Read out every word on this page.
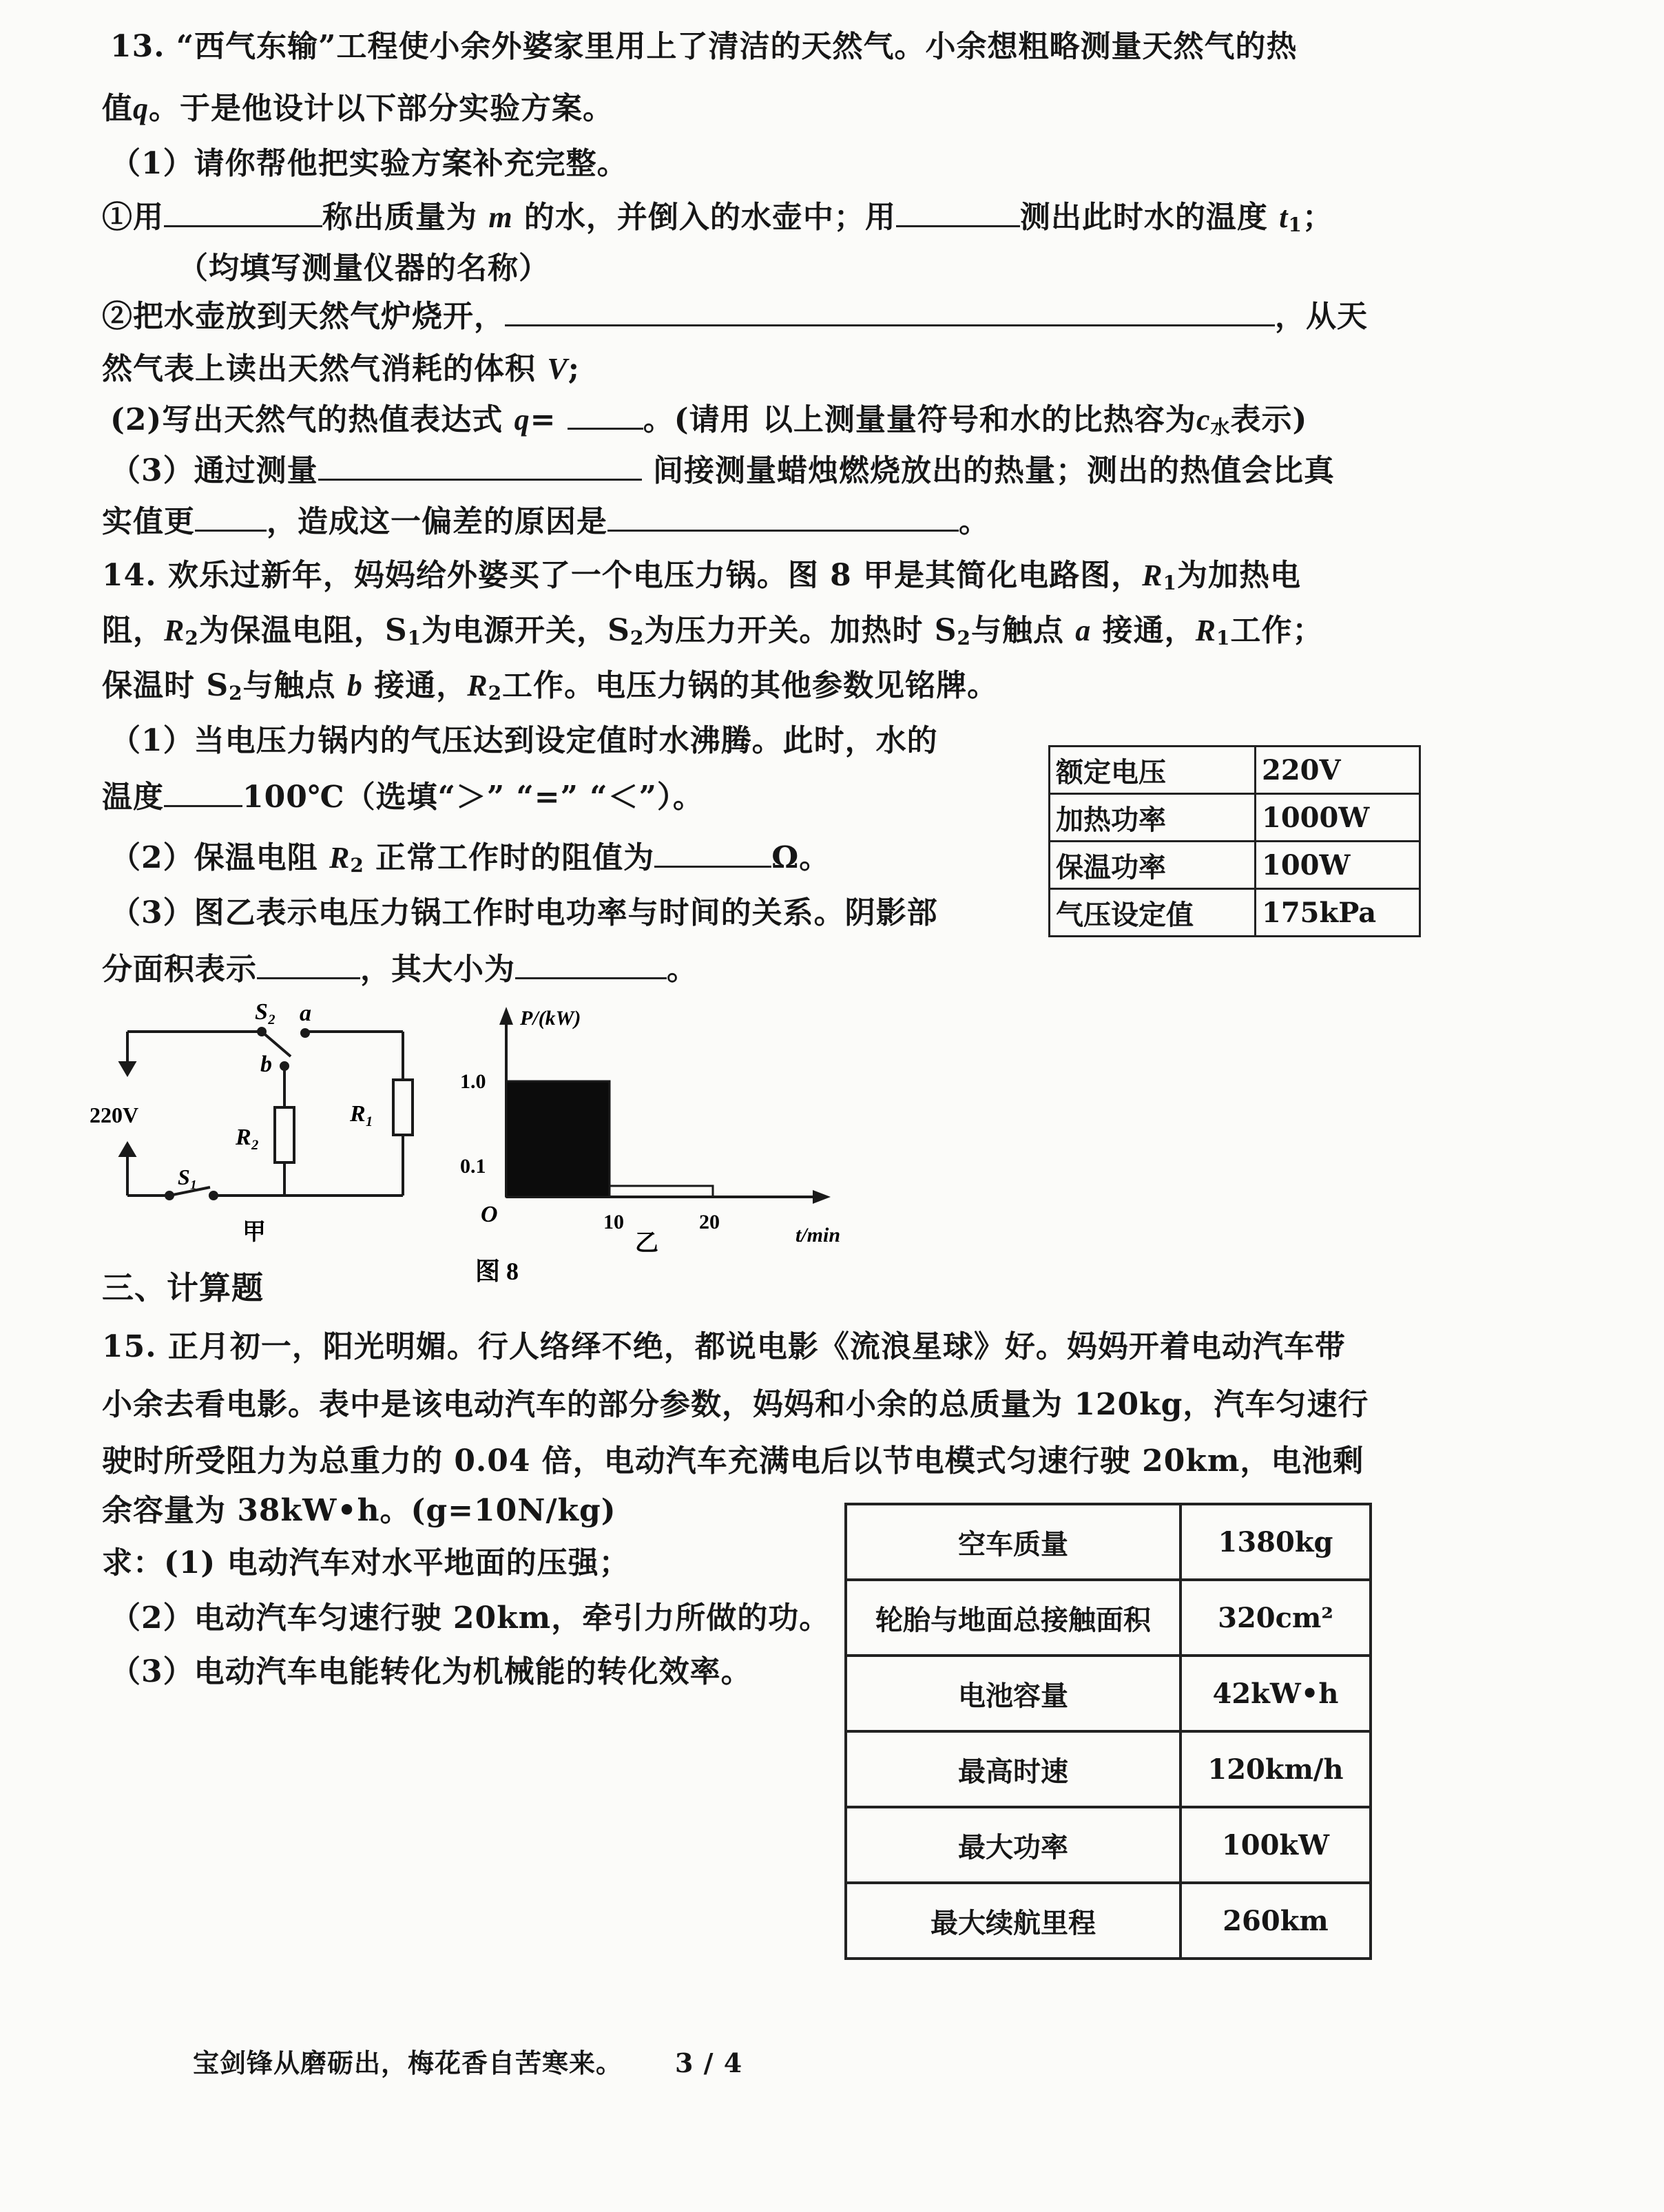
13. “西气东输”工程使小余外婆家里用上了清洁的天然气。小余想粗略测量天然气的热
值q。于是他设计以下部分实验方案。
（1）请你帮他把实验方案补充完整。
①用	称出质量为 m 的水，并倒入的水壶中；用	测出此时水的温度 $t_1$；
（均填写测量仪器的名称）
②把水壶放到天然气炉烧开，	，从天
然气表上读出天然气消耗的体积 V;
(2)写出天然气的热值表达式 q=	。(请用 以上测量量符号和水的比热容为$c_水$表示)
（3）通过测量	间接测量蜡烛燃烧放出的热量；测出的热值会比真
实值更 ，造成这一偏差的原因是	。
14. 欢乐过新年，妈妈给外婆买了一个电压力锅。图 8 甲是其简化电路图，$R_1$为加热电
阻，$R_2$为保温电阻，$S_1$为电源开关，$S_2$为压力开关。加热时 $S_2$与触点 a 接通，$R_1$工作；
保温时 $S_2$与触点 b 接通，$R_2$工作。电压力锅的其他参数见铭牌。
（1）当电压力锅内的气压达到设定值时水沸腾。此时，水的
温度	100℃（选填“＞” “=” “＜”）。
（2）保温电阻 $R_2$ 正常工作时的阻值为	Ω。
（3）图乙表示电压力锅工作时电功率与时间的关系。阴影部
分面积表示	，其大小为	。
额定电压	220V
加热功率	1000W
保温功率	100W
气压设定值	175kPa
S₂ a
b
220V
R₂
R₁
S₁
甲
P/(kW)
t/min
O
1.0
0.1
10	20
乙
图 8
三、计算题
15. 正月初一，阳光明媚。行人络绎不绝，都说电影《流浪星球》好。妈妈开着电动汽车带
小余去看电影。表中是该电动汽车的部分参数，妈妈和小余的总质量为 120kg，汽车匀速行
驶时所受阻力为总重力的 0.04 倍，电动汽车充满电后以节电模式匀速行驶 20km，电池剩
余容量为 38kW•h。(g=10N/kg)
求：(1) 电动汽车对水平地面的压强；
（2）电动汽车匀速行驶 20km，牵引力所做的功。
（3）电动汽车电能转化为机械能的转化效率。
空车质量	1380kg
轮胎与地面总接触面积	320cm²
电池容量	42kW•h
最高时速	120km/h
最大功率	100kW
最大续航里程	260km
宝剑锋从磨砺出，梅花香自苦寒来。 3 / 4
